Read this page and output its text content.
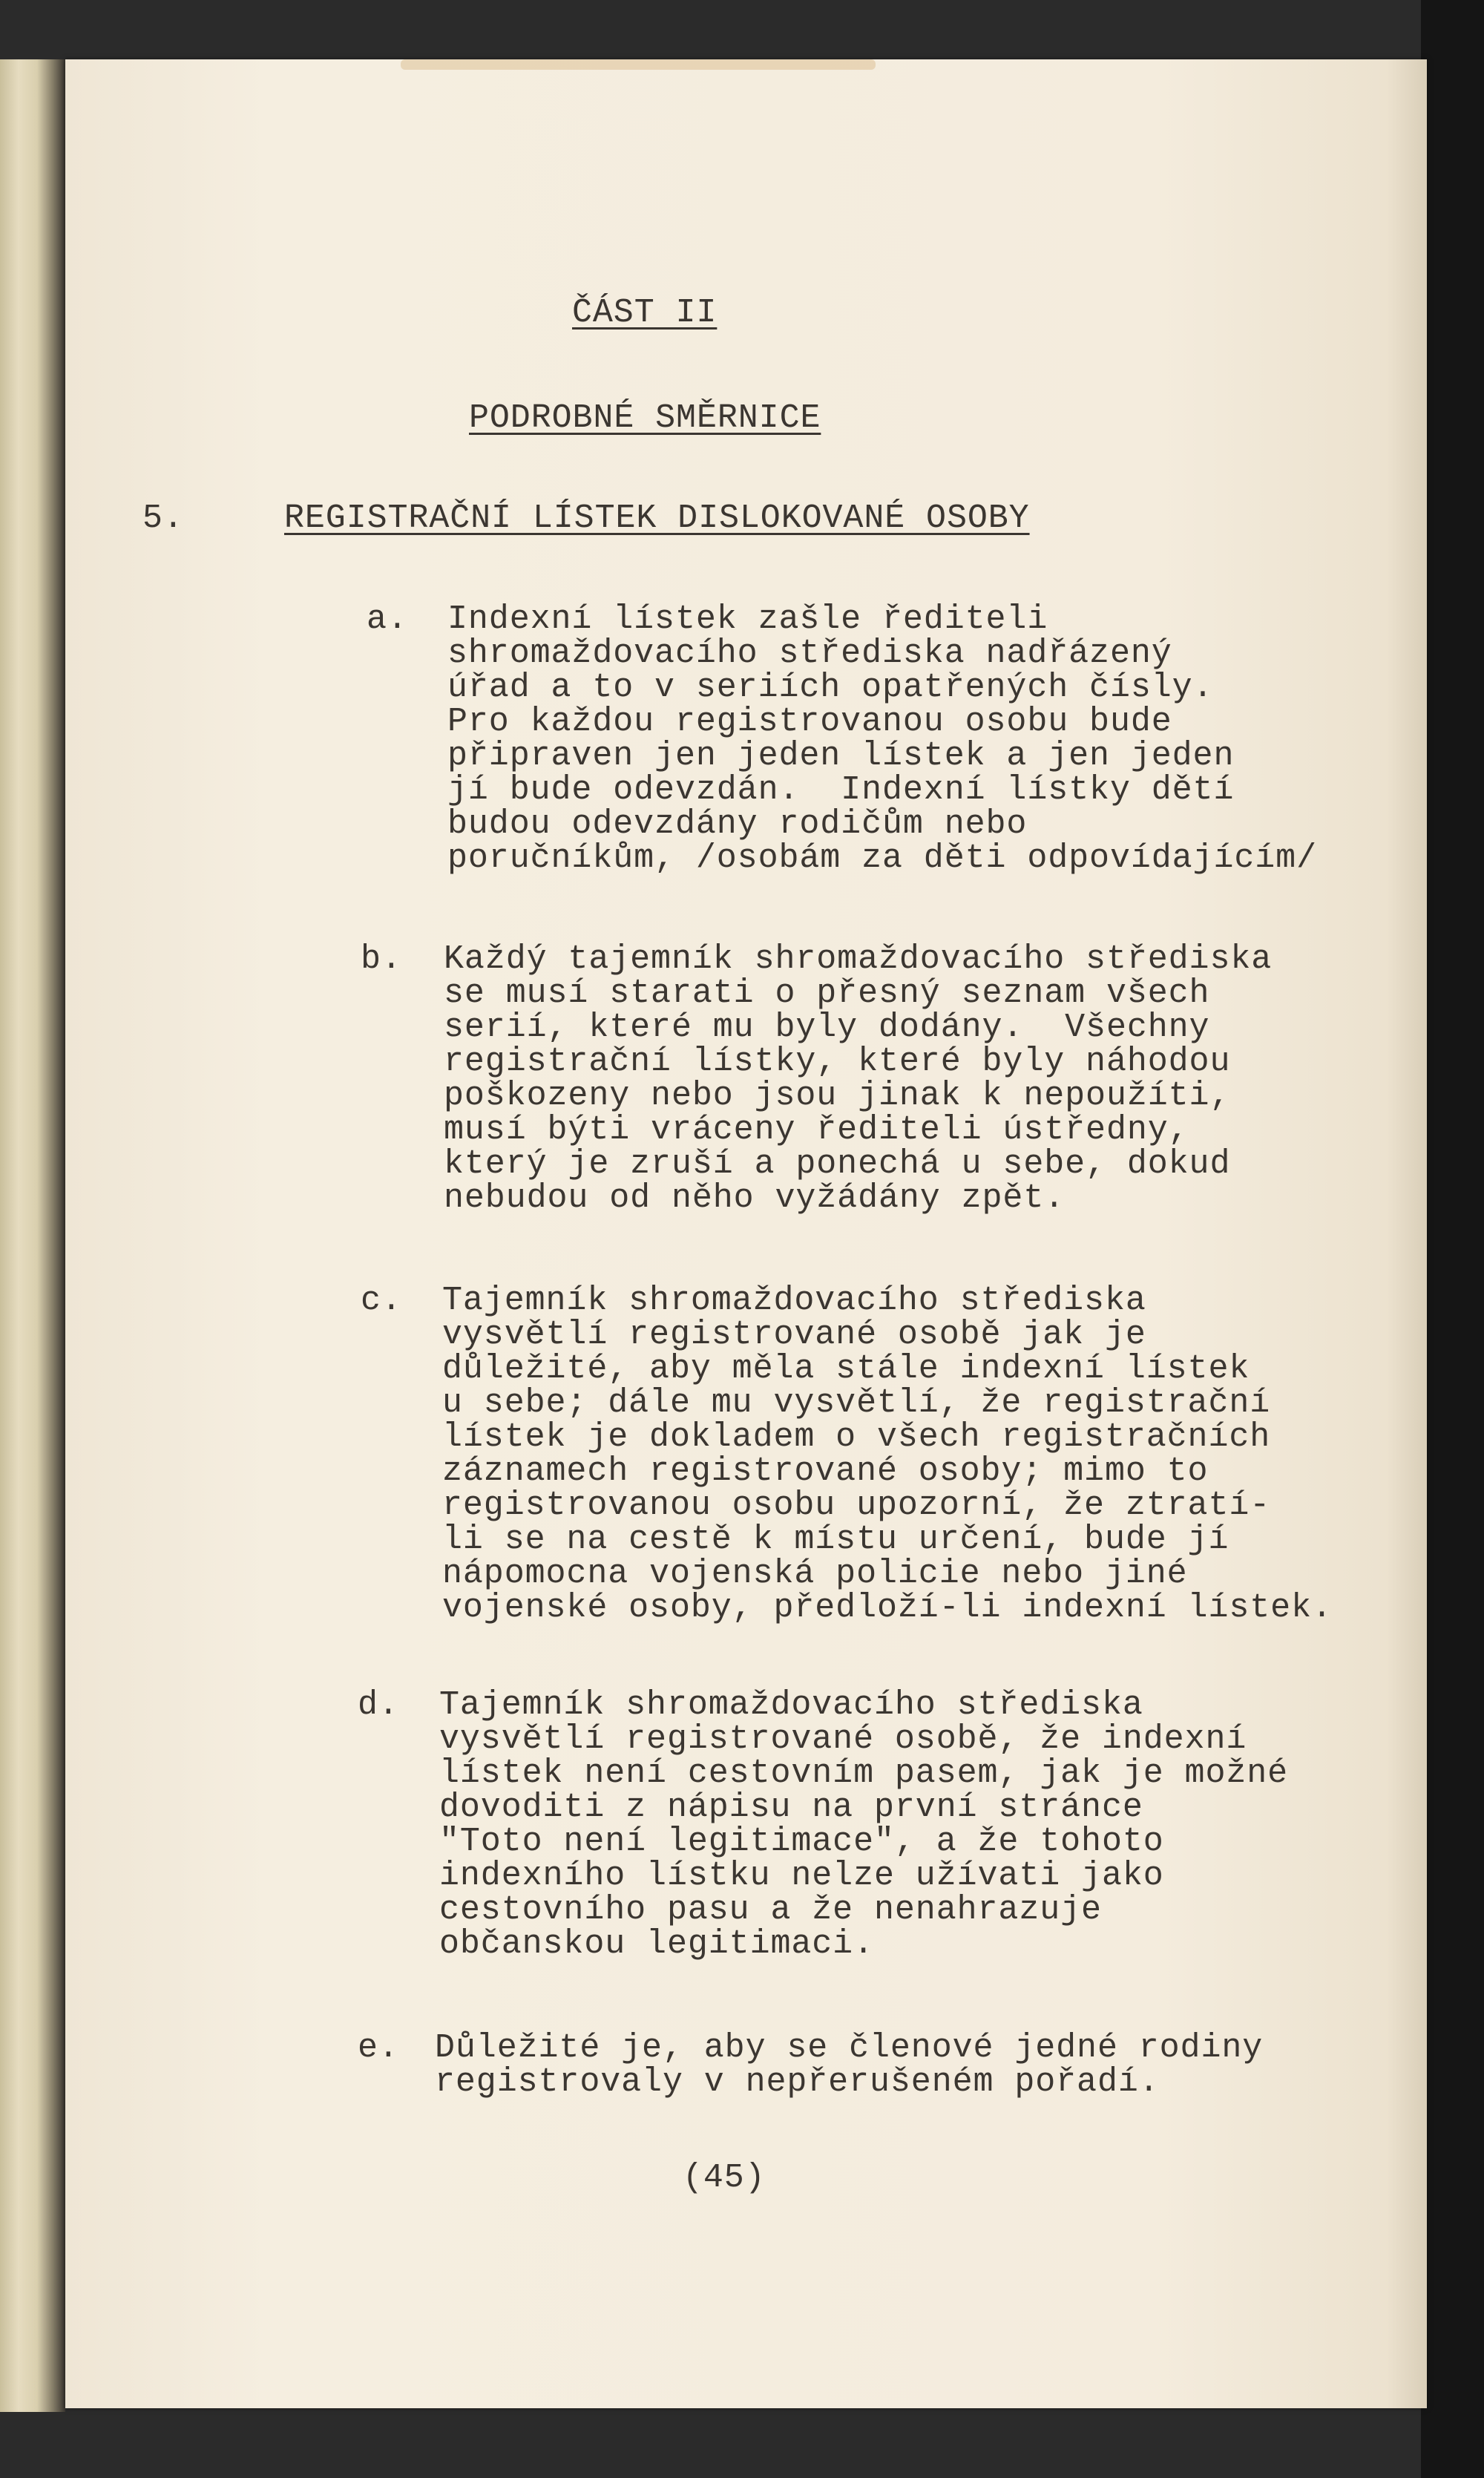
ČÁST II
PODROBNÉ SMĚRNICE
5.	REGISTRAČNÍ LÍSTEK DISLOKOVANÉ OSOBY
a. Indexní lístek zašle řediteli
shromaždovacího střediska nadřázený
úřad a to v seriích opatřených čísly.
Pro každou registrovanou osobu bude
připraven jen jeden lístek a jen jeden
jí bude odevzdán.  Indexní lístky dětí
budou odevzdány rodičům nebo
poručníkům, /osobám za děti odpovídajícím/
b. Každý tajemník shromaždovacího střediska
se musí starati o přesný seznam všech
serií, které mu byly dodány.  Všechny
registrační lístky, které byly náhodou
poškozeny nebo jsou jinak k nepoužíti,
musí býti vráceny řediteli ústředny,
který je zruší a ponechá u sebe, dokud
nebudou od něho vyžádány zpět.
c. Tajemník shromaždovacího střediska
vysvětlí registrované osobě jak je
důležité, aby měla stále indexní lístek
u sebe; dále mu vysvětlí, že registrační
lístek je dokladem o všech registračních
záznamech registrované osoby; mimo to
registrovanou osobu upozorní, že ztratí-
li se na cestě k místu určení, bude jí
nápomocna vojenská policie nebo jiné
vojenské osoby, předloží-li indexní lístek.
d. Tajemník shromaždovacího střediska
vysvětlí registrované osobě, že indexní
lístek není cestovním pasem, jak je možné
dovoditi z nápisu na první stránce
"Toto není legitimace", a že tohoto
indexního lístku nelze užívati jako
cestovního pasu a že nenahrazuje
občanskou legitimaci.
e. Důležité je, aby se členové jedné rodiny
registrovaly v nepřerušeném pořadí.
(45)
